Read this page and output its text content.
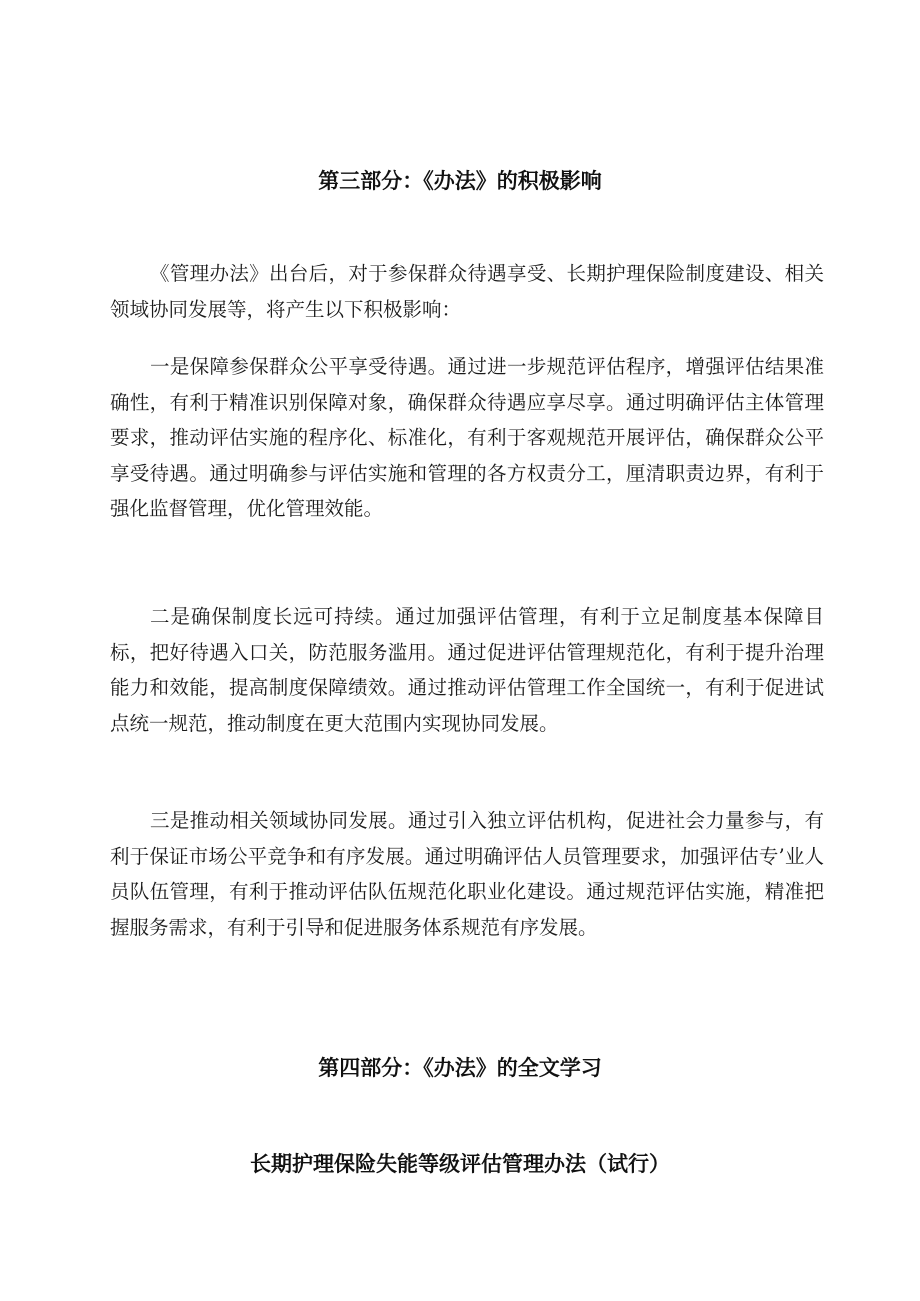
第三部分：《办法》的积极影响

《管理办法》出台后，对于参保群众待遇享受、长期护理保险制度建设、相关领域协同发展等，将产生以下积极影响：

一是保障参保群众公平享受待遇。通过进一步规范评估程序，增强评估结果准确性，有利于精准识别保障对象，确保群众待遇应享尽享。通过明确评估主体管理要求，推动评估实施的程序化、标准化，有利于客观规范开展评估，确保群众公平享受待遇。通过明确参与评估实施和管理的各方权责分工，厘清职责边界，有利于强化监督管理，优化管理效能。

二是确保制度长远可持续。通过加强评估管理，有利于立足制度基本保障目标，把好待遇入口关，防范服务滥用。通过促进评估管理规范化，有利于提升治理能力和效能，提高制度保障绩效。通过推动评估管理工作全国统一，有利于促进试点统一规范，推动制度在更大范围内实现协同发展。

三是推动相关领域协同发展。通过引入独立评估机构，促进社会力量参与，有利于保证市场公平竞争和有序发展。通过明确评估人员管理要求，加强评估专’业人员队伍管理，有利于推动评估队伍规范化职业化建设。通过规范评估实施，精准把握服务需求，有利于引导和促进服务体系规范有序发展。

第四部分：《办法》的全文学习
长期护理保险失能等级评估管理办法（试行）
